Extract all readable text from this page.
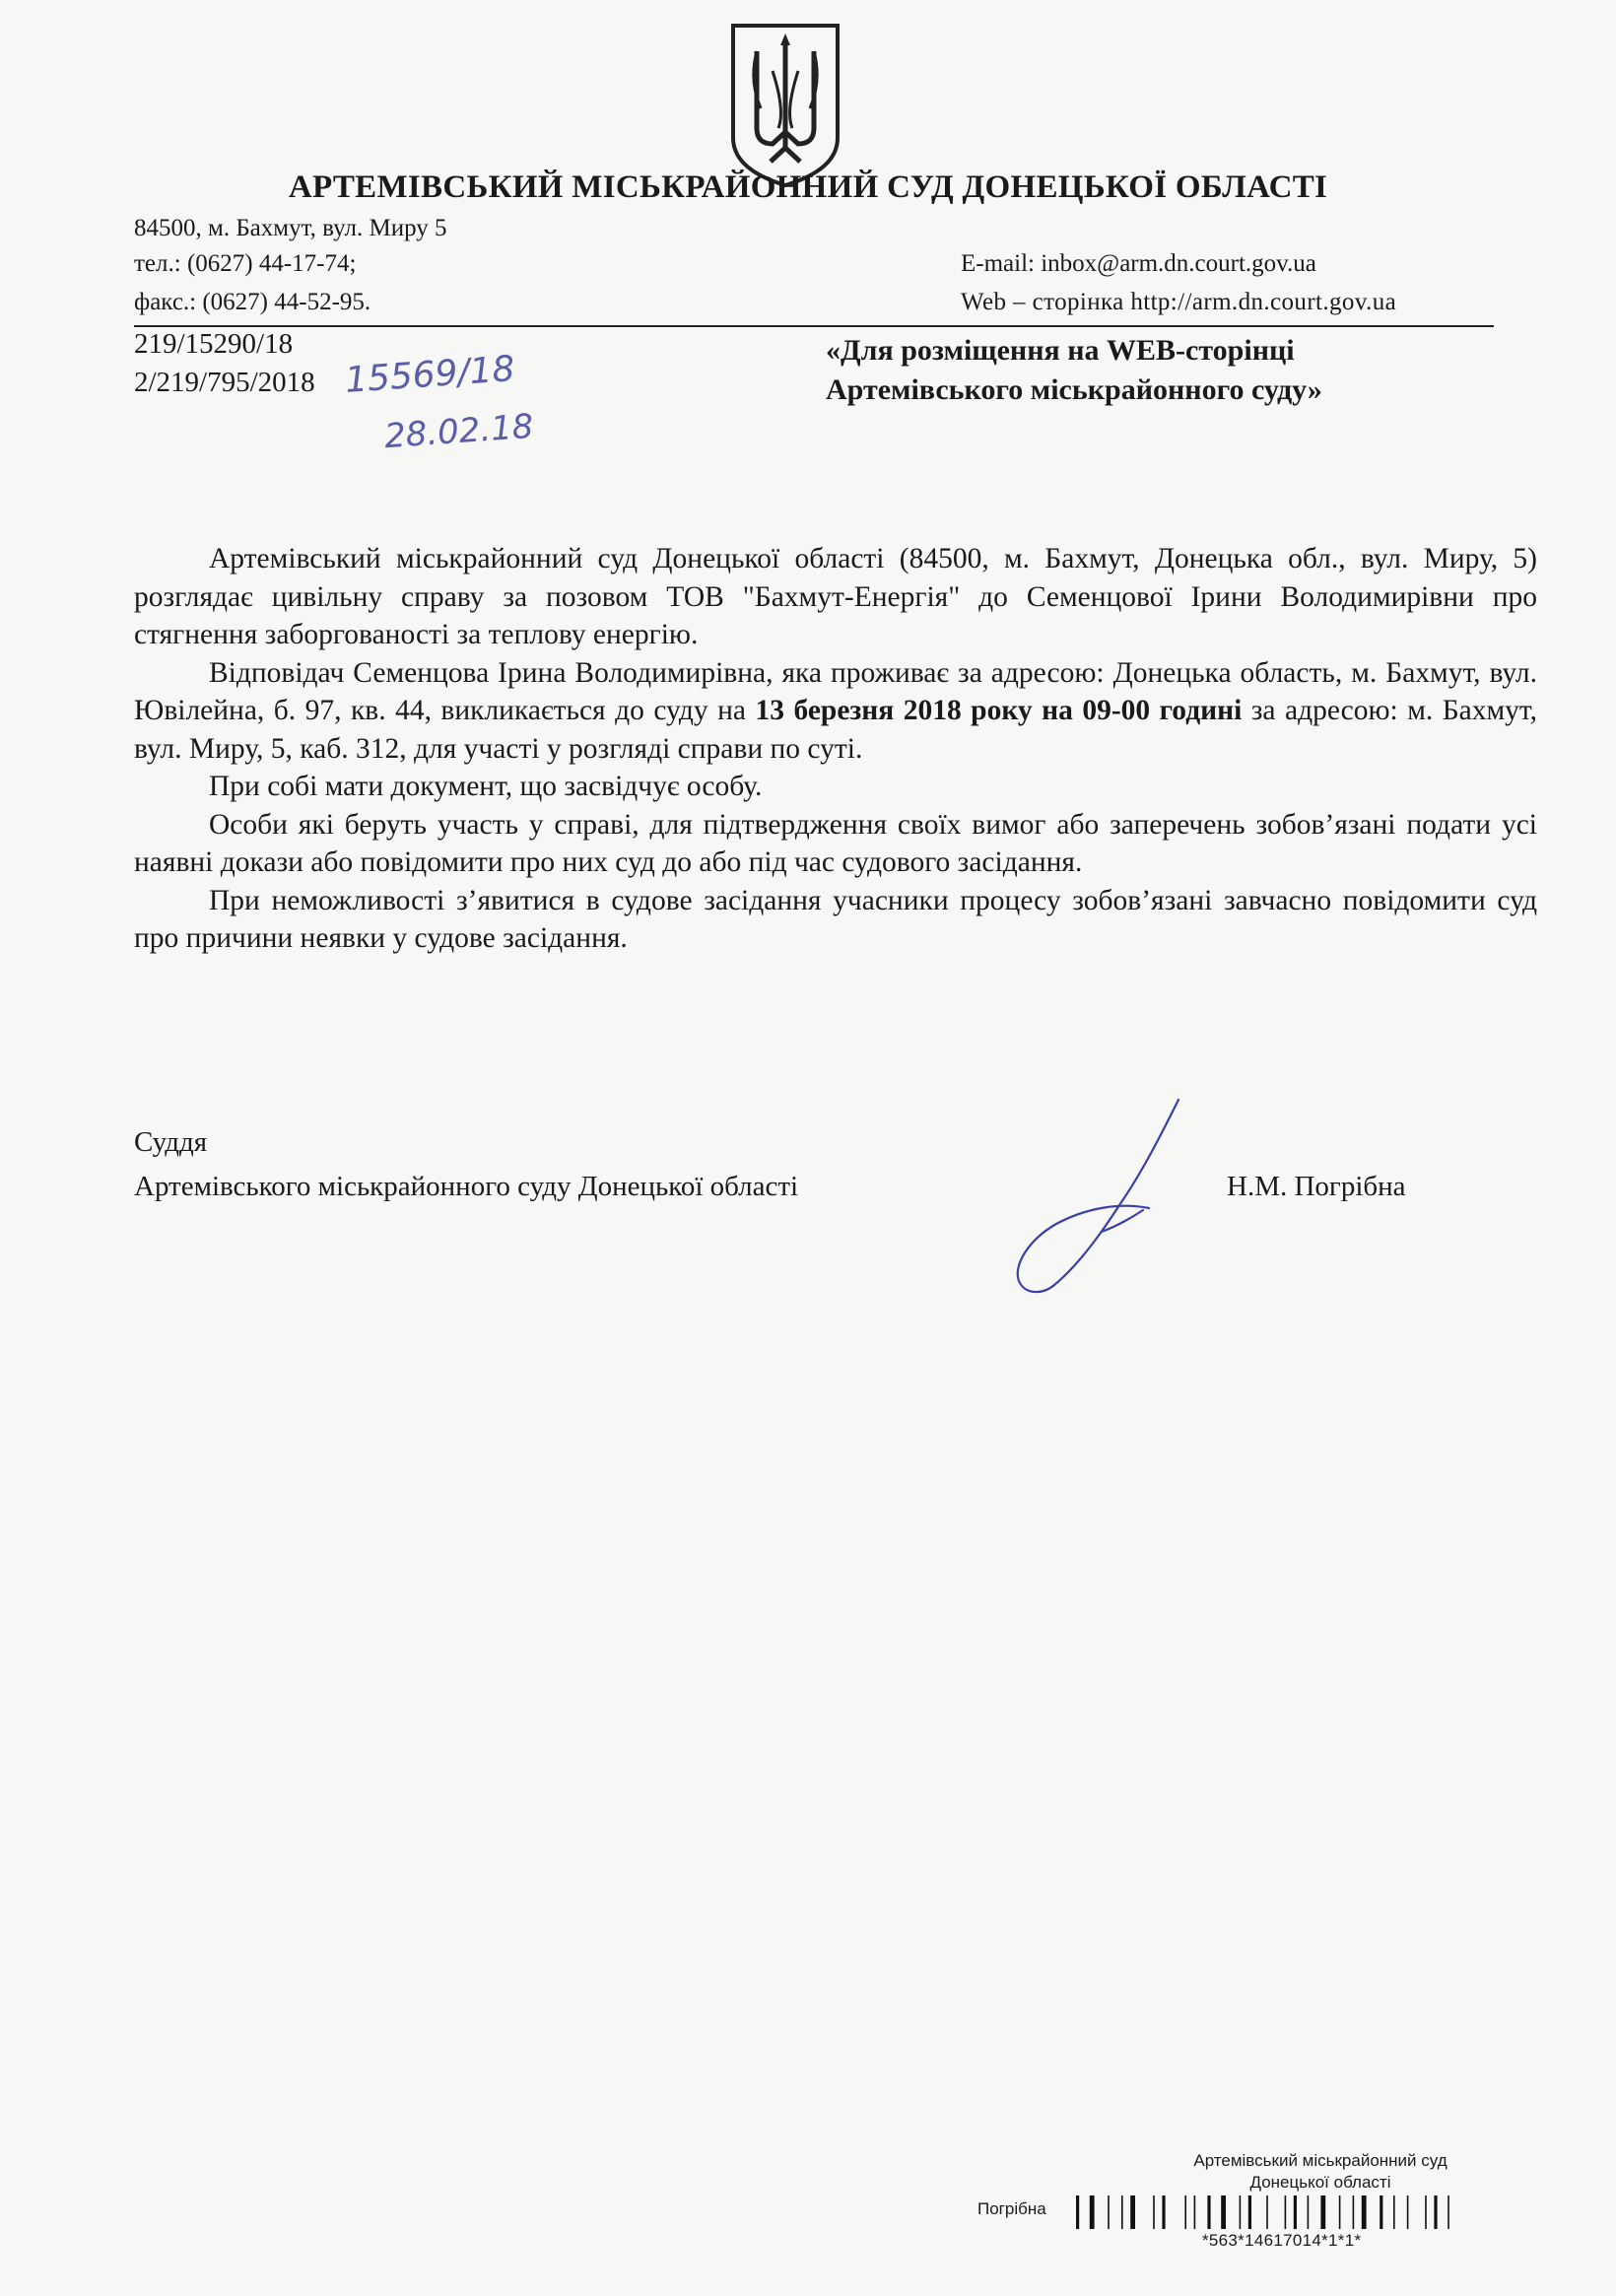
АРТЕМІВСЬКИЙ МІСЬКРАЙОННИЙ СУД ДОНЕЦЬКОЇ ОБЛАСТІ
84500, м. Бахмут, вул. Миру 5
тел.: (0627) 44-17-74;
факс.: (0627) 44-52-95.
E-mail: inbox@arm.dn.court.gov.ua
Web – сторінка http://arm.dn.court.gov.ua
219/15290/18
2/219/795/2018 15569/18
28.02.18
«Для розміщення на WEB-сторінці
Артемівського міськрайонного суду»

Артемівський міськрайонний суд Донецької області (84500, м. Бахмут, Донецька обл., вул. Миру, 5) розглядає цивільну справу за позовом ТОВ "Бахмут-Енергія" до Семенцової Ірини Володимирівни про стягнення заборгованості за теплову енергію.

Відповідач Семенцова Ірина Володимирівна, яка проживає за адресою: Донецька область, м. Бахмут, вул. Ювілейна, б. 97, кв. 44, викликається до суду на 13 березня 2018 року на 09-00 годині за адресою: м. Бахмут, вул. Миру, 5, каб. 312, для участі у розгляді справи по суті.

При собі мати документ, що засвідчує особу.

Особи які беруть участь у справі, для підтвердження своїх вимог або заперечень зобов’язані подати усі наявні докази або повідомити про них суд до або під час судового засідання.

При неможливості з’явитися в судове засідання учасники процесу зобов’язані завчасно повідомити суд про причини неявки у судове засідання.

Суддя
Артемівського міськрайонного суду Донецької області	Н.М. Погрібна
Артемівський міськрайонний суд
Донецької області
Погрібна
*563*14617014*1*1*
